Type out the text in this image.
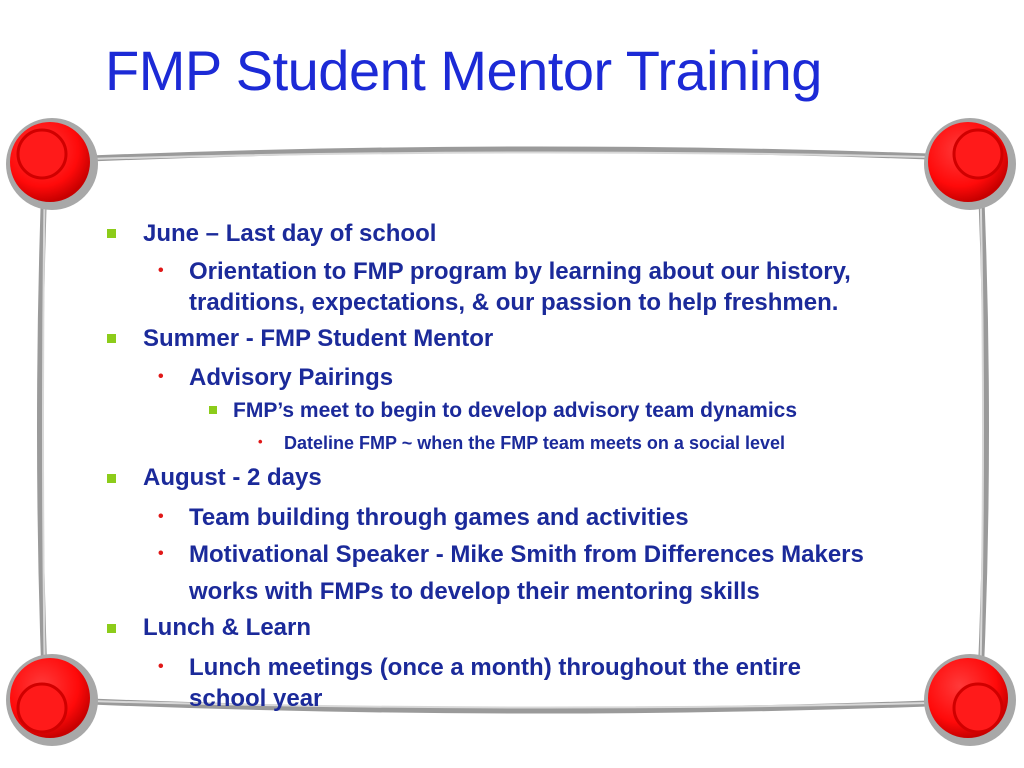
FMP Student Mentor Training
June – Last day of school
• Orientation to FMP program by learning about our history,
traditions, expectations, & our passion to help freshmen.
Summer - FMP Student Mentor
• Advisory Pairings
FMP’s meet to begin to develop advisory team dynamics
• Dateline FMP ~ when the FMP team meets on a social level
August - 2 days
• Team building through games and activities
• Motivational Speaker - Mike Smith from Differences Makers
works with FMPs to develop their mentoring skills
Lunch & Learn
• Lunch meetings (once a month) throughout the entire
school year
